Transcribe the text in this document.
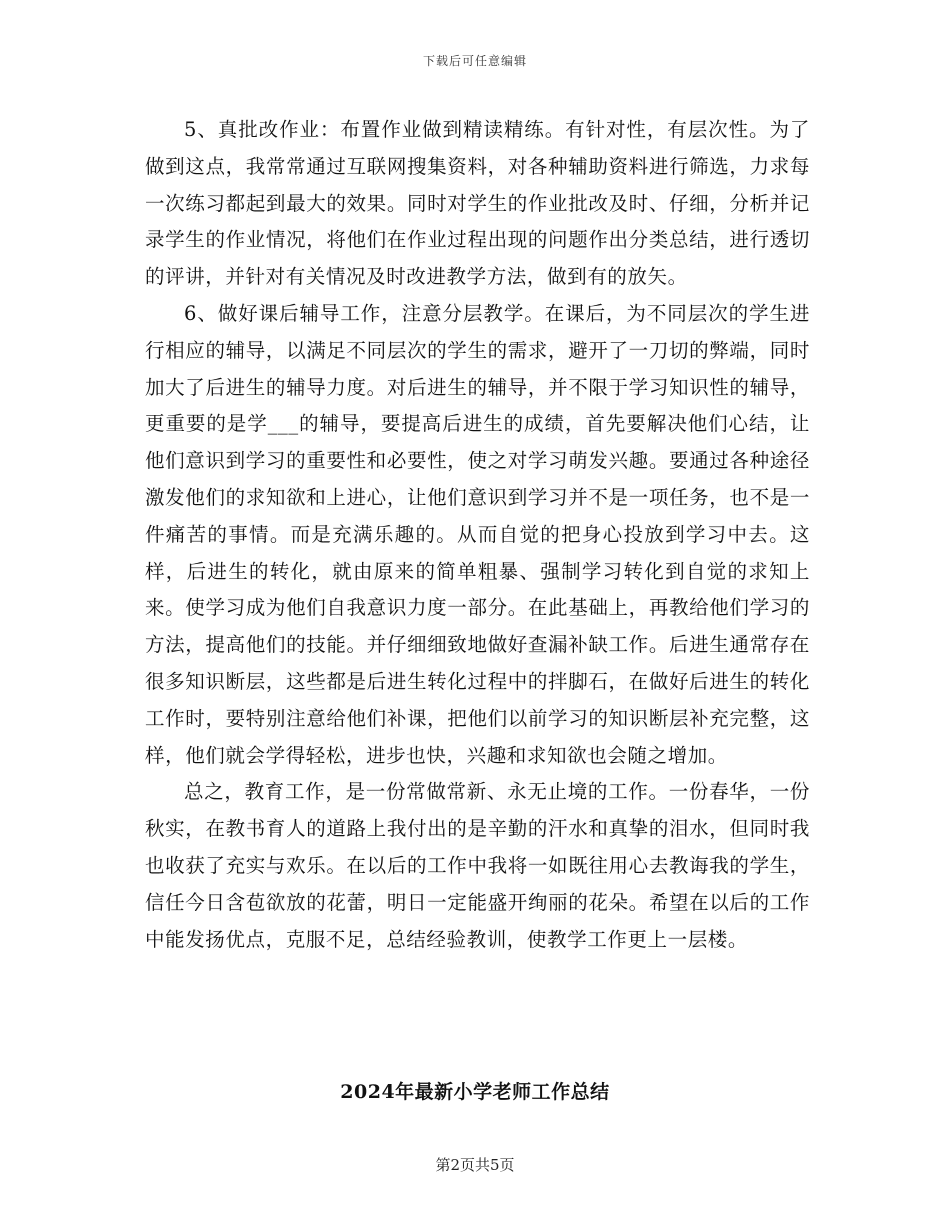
下载后可任意编辑

5、真批改作业：布置作业做到精读精练。有针对性，有层次性。为了做到这点，我常常通过互联网搜集资料，对各种辅助资料进行筛选，力求每一次练习都起到最大的效果。同时对学生的作业批改及时、仔细，分析并记录学生的作业情况，将他们在作业过程出现的问题作出分类总结，进行透切的评讲，并针对有关情况及时改进教学方法，做到有的放矢。

6、做好课后辅导工作，注意分层教学。在课后，为不同层次的学生进行相应的辅导，以满足不同层次的学生的需求，避开了一刀切的弊端，同时加大了后进生的辅导力度。对后进生的辅导，并不限于学习知识性的辅导，更重要的是学___的辅导，要提高后进生的成绩，首先要解决他们心结，让他们意识到学习的重要性和必要性，使之对学习萌发兴趣。要通过各种途径激发他们的求知欲和上进心，让他们意识到学习并不是一项任务，也不是一件痛苦的事情。而是充满乐趣的。从而自觉的把身心投放到学习中去。这样，后进生的转化，就由原来的简单粗暴、强制学习转化到自觉的求知上来。使学习成为他们自我意识力度一部分。在此基础上，再教给他们学习的方法，提高他们的技能。并仔细细致地做好查漏补缺工作。后进生通常存在很多知识断层，这些都是后进生转化过程中的拌脚石，在做好后进生的转化工作时，要特别注意给他们补课，把他们以前学习的知识断层补充完整，这样，他们就会学得轻松，进步也快，兴趣和求知欲也会随之增加。

总之，教育工作，是一份常做常新、永无止境的工作。一份春华，一份秋实，在教书育人的道路上我付出的是辛勤的汗水和真挚的泪水，但同时我也收获了充实与欢乐。在以后的工作中我将一如既往用心去教诲我的学生，信任今日含苞欲放的花蕾，明日一定能盛开绚丽的花朵。希望在以后的工作中能发扬优点，克服不足，总结经验教训，使教学工作更上一层楼。

2024年最新小学老师工作总结
第2页共5页
